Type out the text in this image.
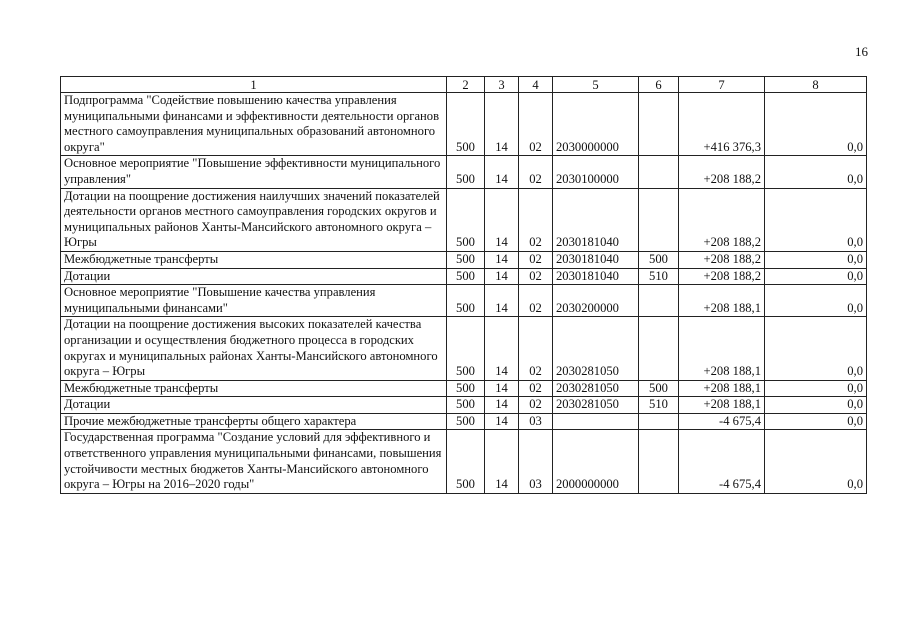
16
1	2	3	4	5	6	7	8
Подпрограмма "Содействие повышению качества управления муниципальными финансами и эффективности деятельности органов местного самоуправления муниципальных образований автономного округа"	500	14	02	2030000000		+416 376,3	0,0
Основное мероприятие "Повышение эффективности муниципального управления"	500	14	02	2030100000		+208 188,2	0,0
Дотации на поощрение достижения наилучших значений показателей деятельности органов местного самоуправления городских округов и муниципальных районов Ханты-Мансийского автономного округа – Югры	500	14	02	2030181040		+208 188,2	0,0
Межбюджетные трансферты	500	14	02	2030181040	500	+208 188,2	0,0
Дотации	500	14	02	2030181040	510	+208 188,2	0,0
Основное мероприятие "Повышение качества управления муниципальными финансами"	500	14	02	2030200000		+208 188,1	0,0
Дотации на поощрение достижения высоких показателей качества организации и осуществления бюджетного процесса в городских округах и муниципальных районах Ханты-Мансийского автономного округа – Югры	500	14	02	2030281050		+208 188,1	0,0
Межбюджетные трансферты	500	14	02	2030281050	500	+208 188,1	0,0
Дотации	500	14	02	2030281050	510	+208 188,1	0,0
Прочие межбюджетные трансферты общего характера	500	14	03			-4 675,4	0,0
Государственная программа "Создание условий для эффективного и ответственного управления муниципальными финансами, повышения устойчивости местных бюджетов Ханты-Мансийского автономного округа – Югры на 2016–2020 годы"	500	14	03	2000000000		-4 675,4	0,0
